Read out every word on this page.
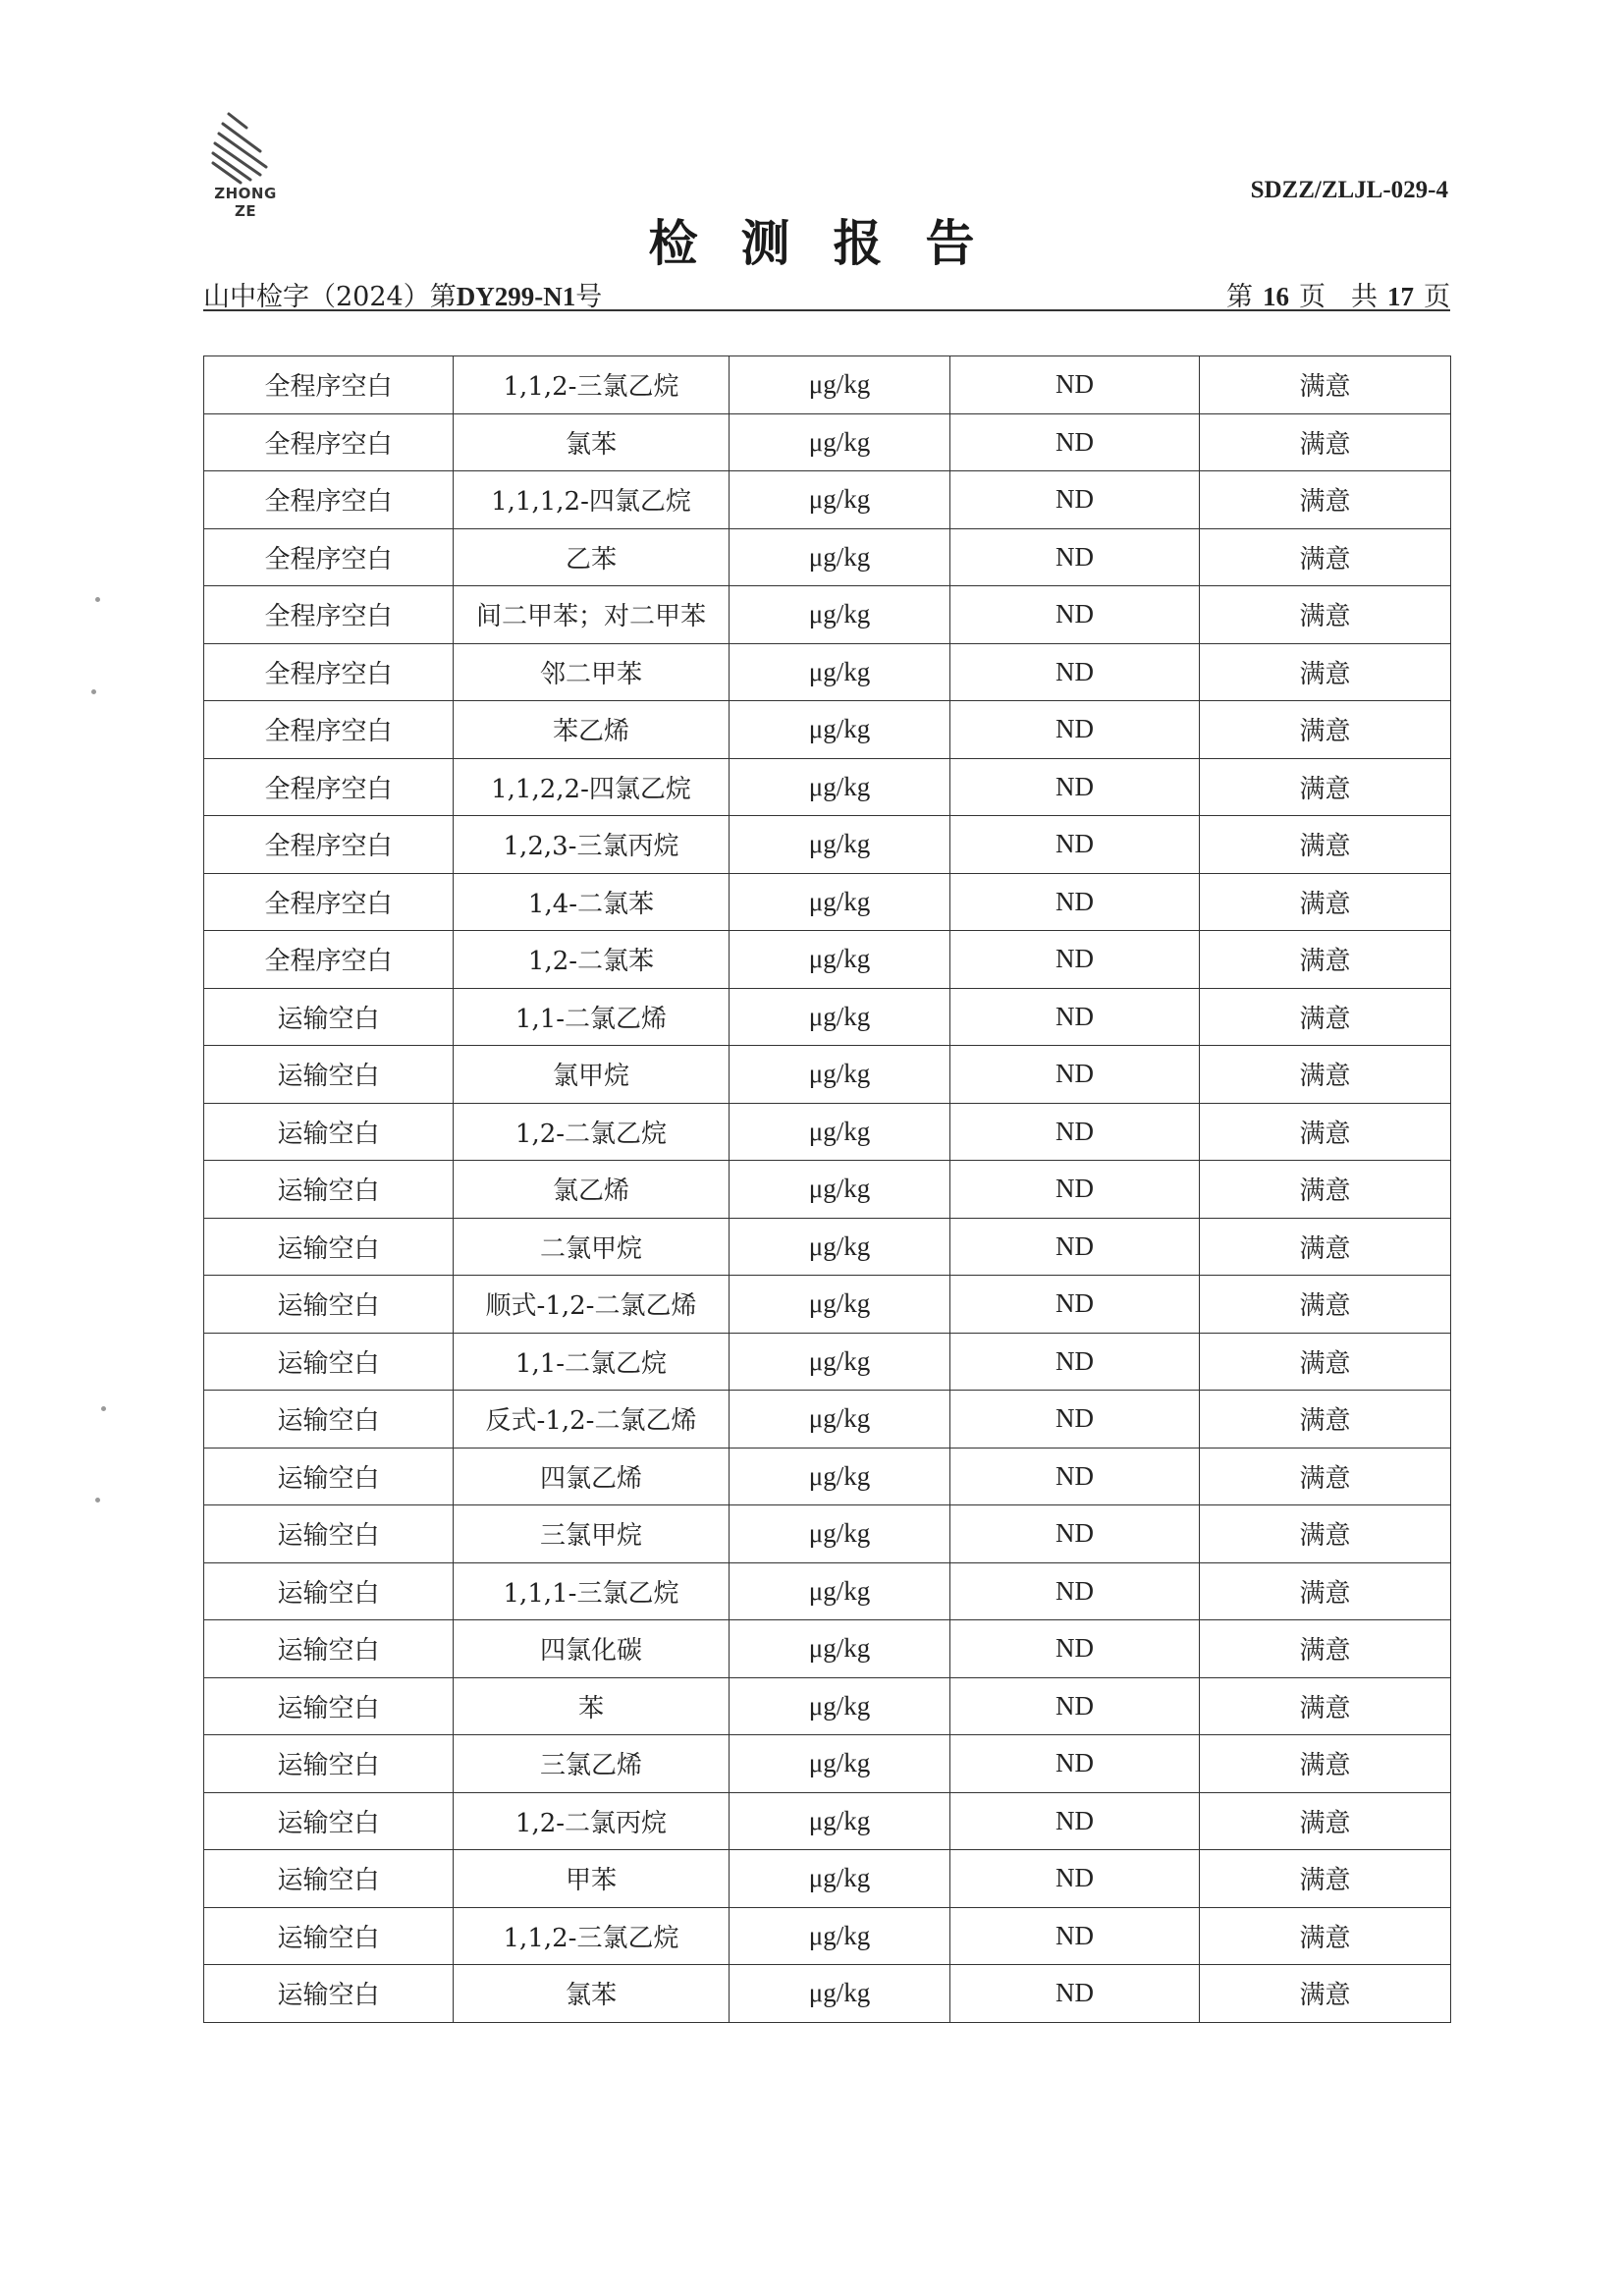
ZHONG ZE
SDZZ/ZLJL-029-4
检测报告
山中检字（2024）第DY299-N1号	第 16 页 共 17 页
全程序空白	1,1,2-三氯乙烷	μg/kg	ND	满意
全程序空白	氯苯	μg/kg	ND	满意
全程序空白	1,1,1,2-四氯乙烷	μg/kg	ND	满意
全程序空白	乙苯	μg/kg	ND	满意
全程序空白	间二甲苯；对二甲苯	μg/kg	ND	满意
全程序空白	邻二甲苯	μg/kg	ND	满意
全程序空白	苯乙烯	μg/kg	ND	满意
全程序空白	1,1,2,2-四氯乙烷	μg/kg	ND	满意
全程序空白	1,2,3-三氯丙烷	μg/kg	ND	满意
全程序空白	1,4-二氯苯	μg/kg	ND	满意
全程序空白	1,2-二氯苯	μg/kg	ND	满意
运输空白	1,1-二氯乙烯	μg/kg	ND	满意
运输空白	氯甲烷	μg/kg	ND	满意
运输空白	1,2-二氯乙烷	μg/kg	ND	满意
运输空白	氯乙烯	μg/kg	ND	满意
运输空白	二氯甲烷	μg/kg	ND	满意
运输空白	顺式-1,2-二氯乙烯	μg/kg	ND	满意
运输空白	1,1-二氯乙烷	μg/kg	ND	满意
运输空白	反式-1,2-二氯乙烯	μg/kg	ND	满意
运输空白	四氯乙烯	μg/kg	ND	满意
运输空白	三氯甲烷	μg/kg	ND	满意
运输空白	1,1,1-三氯乙烷	μg/kg	ND	满意
运输空白	四氯化碳	μg/kg	ND	满意
运输空白	苯	μg/kg	ND	满意
运输空白	三氯乙烯	μg/kg	ND	满意
运输空白	1,2-二氯丙烷	μg/kg	ND	满意
运输空白	甲苯	μg/kg	ND	满意
运输空白	1,1,2-三氯乙烷	μg/kg	ND	满意
运输空白	氯苯	μg/kg	ND	满意
